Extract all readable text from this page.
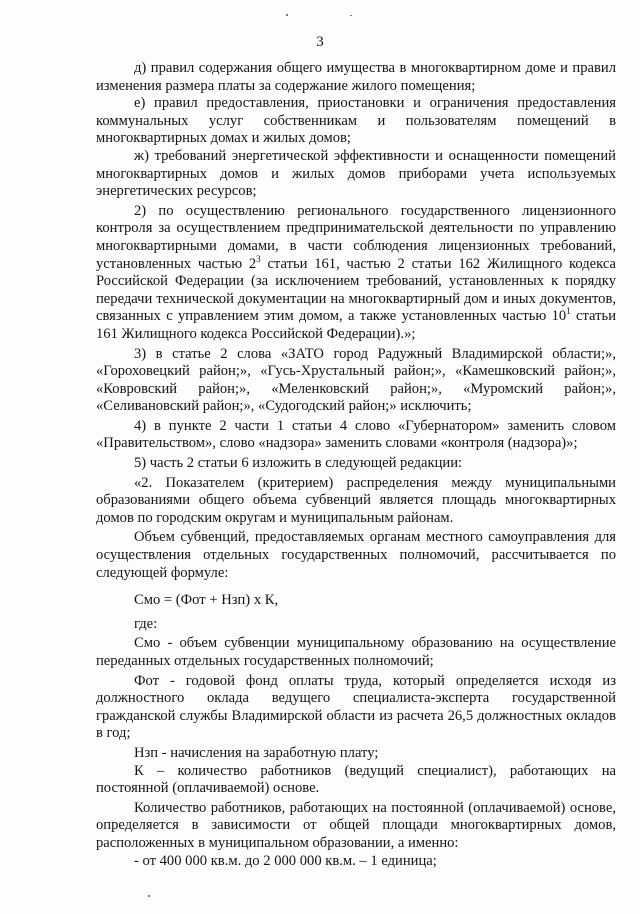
3

д) правил содержания общего имущества в многоквартирном доме и правил изменения размера платы за содержание жилого помещения;

е) правил предоставления, приостановки и ограничения предоставления коммунальных услуг собственникам и пользователям помещений в многоквартирных домах и жилых домов;

ж) требований энергетической эффективности и оснащенности помещений многоквартирных домов и жилых домов приборами учета используемых энергетических ресурсов;

2) по осуществлению регионального государственного лицензионного контроля за осуществлением предпринимательской деятельности по управлению многоквартирными домами, в части соблюдения лицензионных требований, установленных частью $2^3$ статьи 161, частью 2 статьи 162 Жилищного кодекса Российской Федерации (за исключением требований, установленных к порядку передачи технической документации на многоквартирный дом и иных документов, связанных с управлением этим домом, а также установленных частью $10^1$ статьи 161 Жилищного кодекса Российской Федерации).»;

3) в статье 2 слова «ЗАТО город Радужный Владимирской области;», «Гороховецкий район;», «Гусь-Хрустальный район;», «Камешковский район;», «Ковровский район;», «Меленковский район;», «Муромский район;», «Селивановский район;», «Судогодский район;» исключить;

4) в пункте 2 части 1 статьи 4 слово «Губернатором» заменить словом «Правительством», слово «надзора» заменить словами «контроля (надзора)»;

5) часть 2 статьи 6 изложить в следующей редакции:

«2. Показателем (критерием) распределения между муниципальными образованиями общего объема субвенций является площадь многоквартирных домов по городским округам и муниципальным районам.

Объем субвенций, предоставляемых органам местного самоуправления для осуществления отдельных государственных полномочий, рассчитывается по следующей формуле:

Смо = (Фот + Нзп) х К,

где:

Смо - объем субвенции муниципальному образованию на осуществление переданных отдельных государственных полномочий;

Фот - годовой фонд оплаты труда, который определяется исходя из должностного оклада ведущего специалиста-эксперта государственной гражданской службы Владимирской области из расчета 26,5 должностных окладов в год;

Нзп - начисления на заработную плату;

К – количество работников (ведущий специалист), работающих на постоянной (оплачиваемой) основе.

Количество работников, работающих на постоянной (оплачиваемой) основе, определяется в зависимости от общей площади многоквартирных домов, расположенных в муниципальном образовании, а именно:

- от 400 000 кв.м. до 2 000 000 кв.м. – 1 единица;
